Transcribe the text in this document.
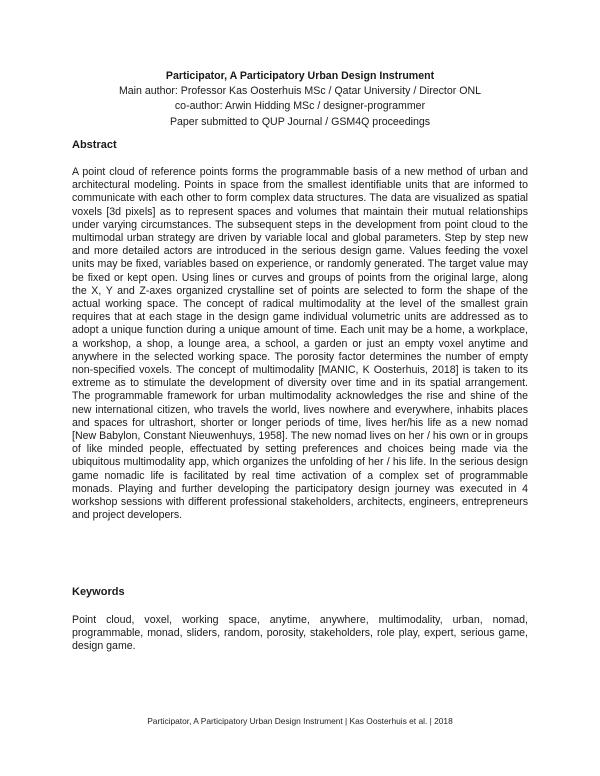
Participator, A Participatory Urban Design Instrument
Main author: Professor Kas Oosterhuis MSc / Qatar University / Director ONL
co-author: Arwin Hidding MSc / designer-programmer
Paper submitted to QUP Journal / GSM4Q proceedings
Abstract

A point cloud of reference points forms the programmable basis of a new method of urban and architectural modeling. Points in space from the smallest identifiable units that are informed to communicate with each other to form complex data structures. The data are visualized as spatial voxels [3d pixels] as to represent spaces and volumes that maintain their mutual relationships under varying circumstances. The subsequent steps in the development from point cloud to the multimodal urban strategy are driven by variable local and global parameters. Step by step new and more detailed actors are introduced in the serious design game. Values feeding the voxel units may be fixed, variables based on experience, or randomly generated. The target value may be fixed or kept open. Using lines or curves and groups of points from the original large, along the X, Y and Z-axes organized crystalline set of points are selected to form the shape of the actual working space. The concept of radical multimodality at the level of the smallest grain requires that at each stage in the design game individual volumetric units are addressed as to adopt a unique function during a unique amount of time. Each unit may be a home, a workplace, a workshop, a shop, a lounge area, a school, a garden or just an empty voxel anytime and anywhere in the selected working space. The porosity factor determines the number of empty non-specified voxels. The concept of multimodality [MANIC, K Oosterhuis, 2018] is taken to its extreme as to stimulate the development of diversity over time and in its spatial arrangement. The programmable framework for urban multimodality acknowledges the rise and shine of the new international citizen, who travels the world, lives nowhere and everywhere, inhabits places and spaces for ultrashort, shorter or longer periods of time, lives her/his life as a new nomad [New Babylon, Constant Nieuwenhuys, 1958]. The new nomad lives on her / his own or in groups of like minded people, effectuated by setting preferences and choices being made via the ubiquitous multimodality app, which organizes the unfolding of her / his life. In the serious design game nomadic life is facilitated by real time activation of a complex set of programmable monads. Playing and further developing the participatory design journey was executed in 4 workshop sessions with different professional stakeholders, architects, engineers, entrepreneurs and project developers.

Keywords

Point cloud, voxel, working space, anytime, anywhere, multimodality, urban, nomad, programmable, monad, sliders, random, porosity, stakeholders, role play, expert, serious game, design game.

Participator, A Participatory Urban Design Instrument | Kas Oosterhuis et al. | 2018
